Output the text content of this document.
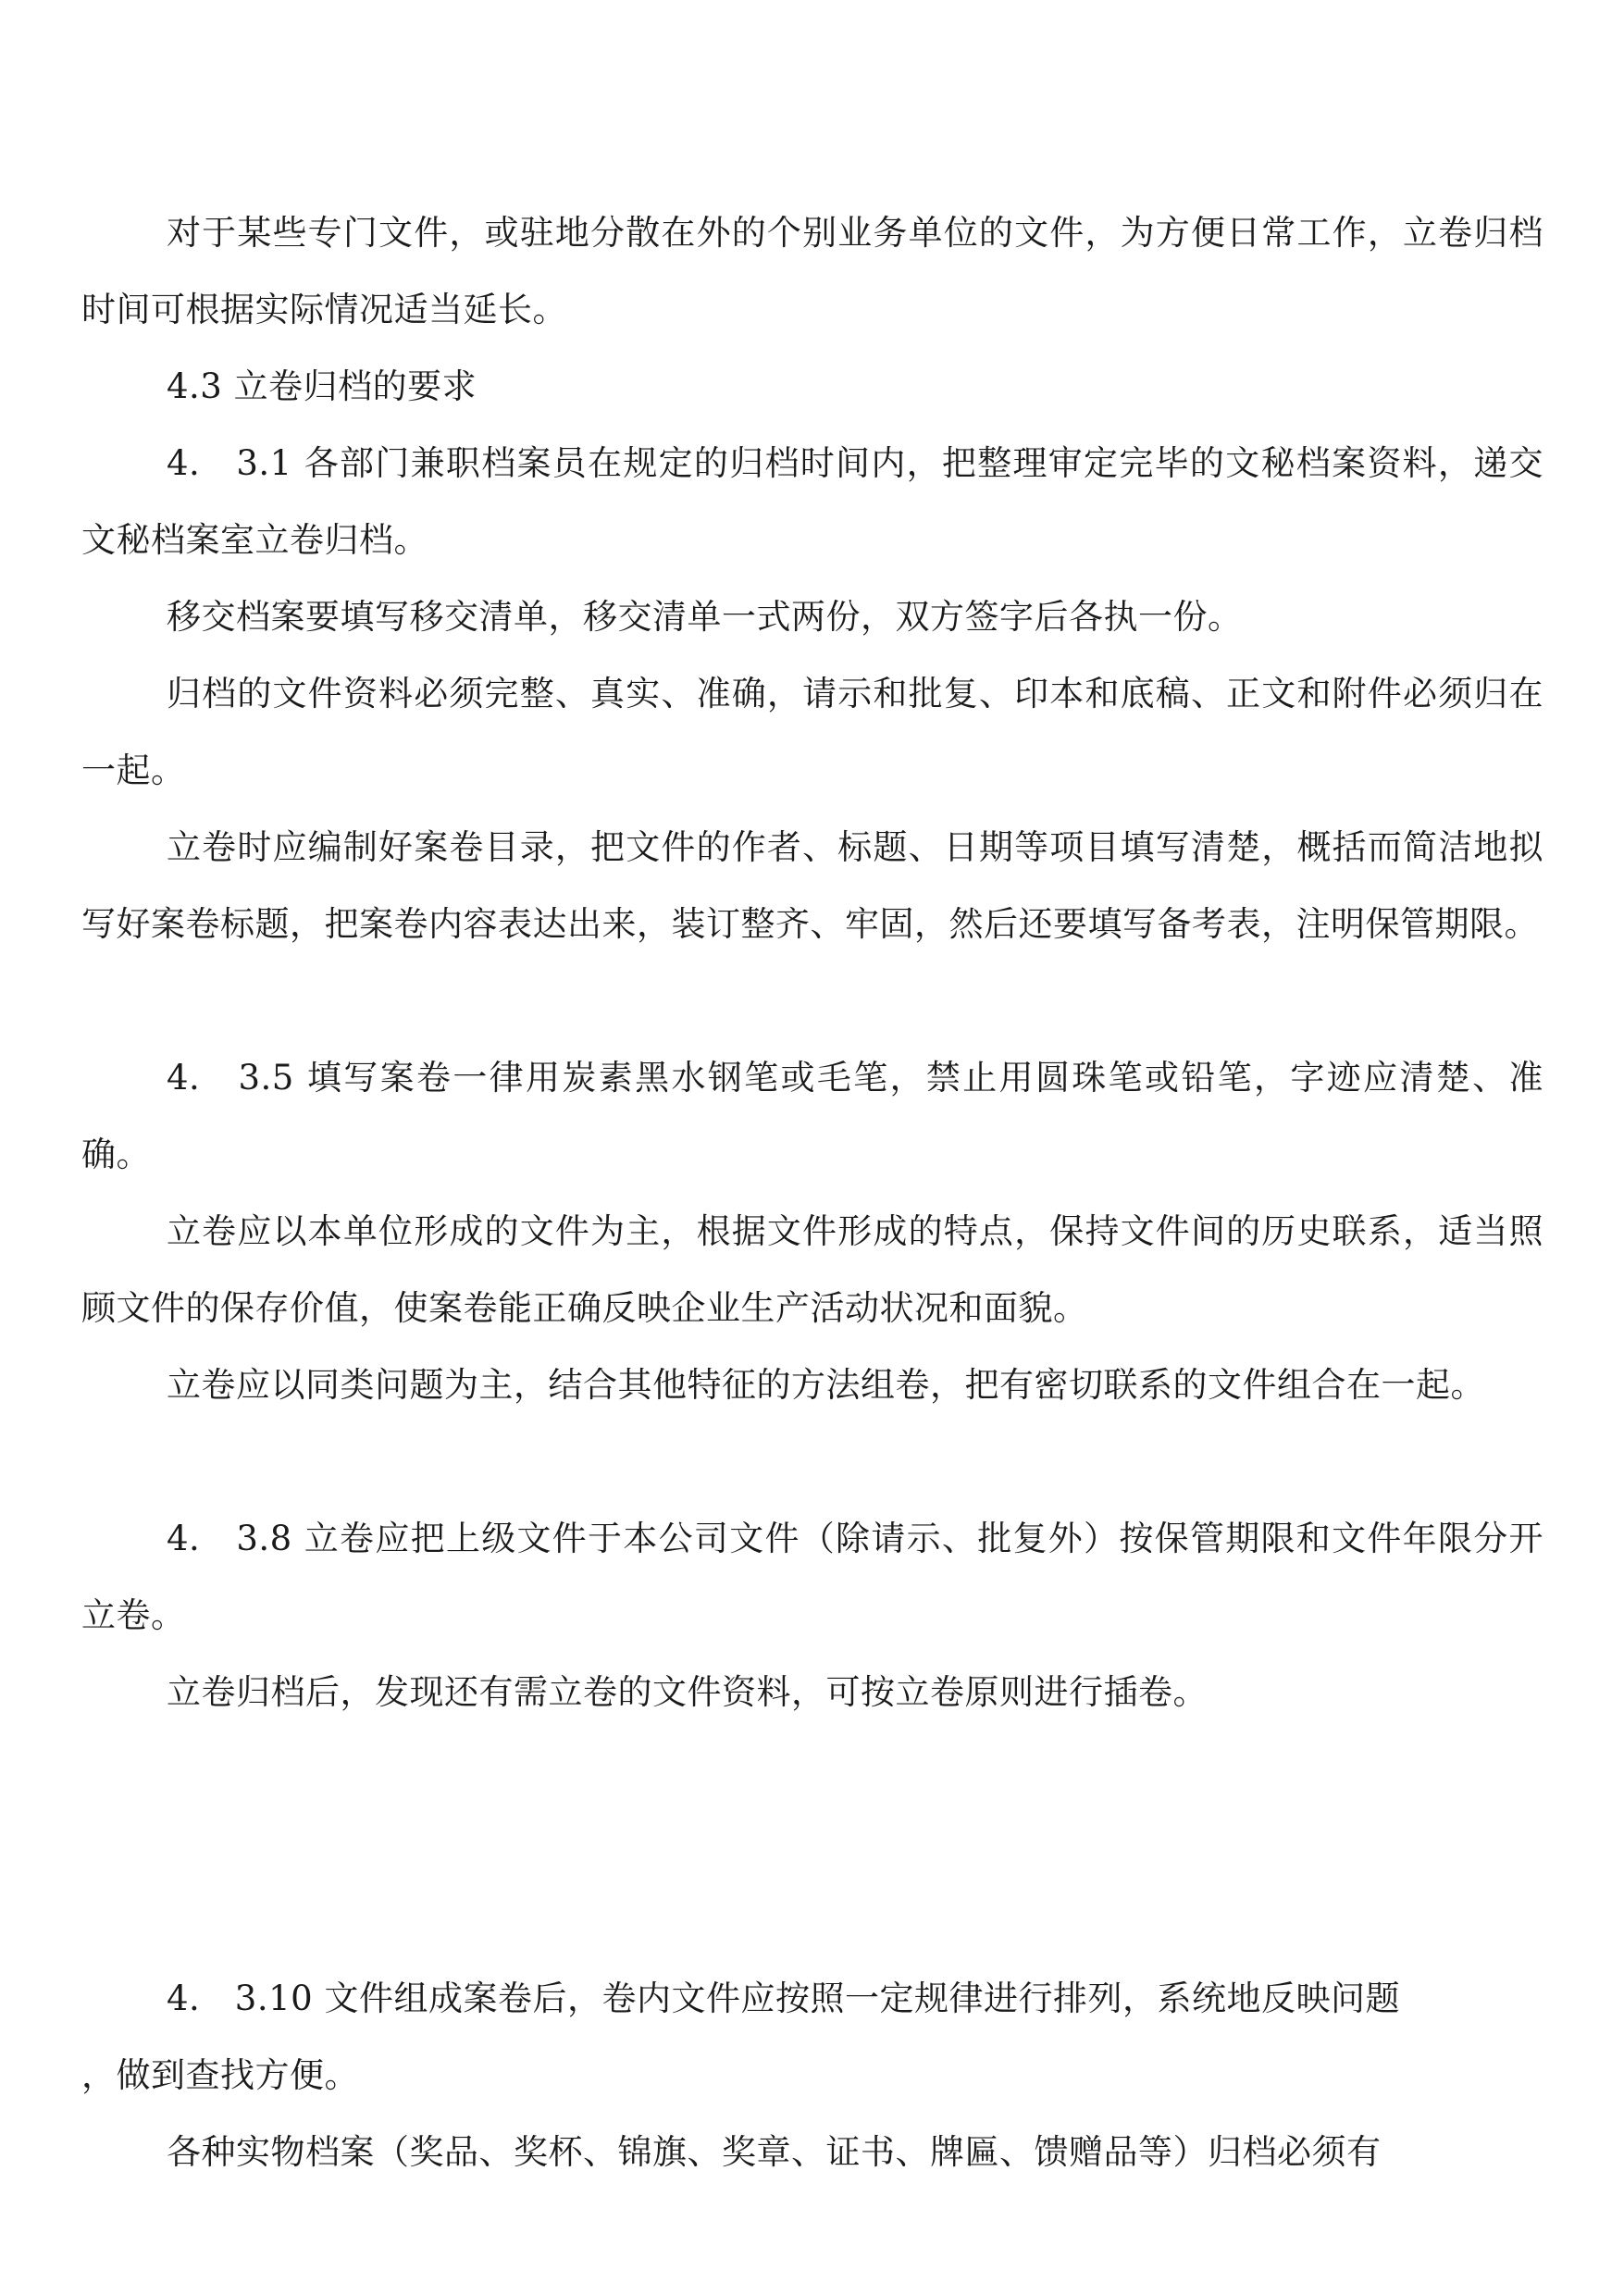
对于某些专门文件，或驻地分散在外的个别业务单位的文件，为方便日常工作，立卷归档时间可根据实际情况适当延长。

4.3 立卷归档的要求

4.　3.1 各部门兼职档案员在规定的归档时间内，把整理审定完毕的文秘档案资料，递交文秘档案室立卷归档。

移交档案要填写移交清单，移交清单一式两份，双方签字后各执一份。

归档的文件资料必须完整、真实、准确，请示和批复、印本和底稿、正文和附件必须归在一起。

立卷时应编制好案卷目录，把文件的作者、标题、日期等项目填写清楚，概括而简洁地拟写好案卷标题，把案卷内容表达出来，装订整齐、牢固，然后还要填写备考表，注明保管期限。

4.　3.5 填写案卷一律用炭素黑水钢笔或毛笔，禁止用圆珠笔或铅笔，字迹应清楚、准确。

立卷应以本单位形成的文件为主，根据文件形成的特点，保持文件间的历史联系，适当照顾文件的保存价值，使案卷能正确反映企业生产活动状况和面貌。

立卷应以同类问题为主，结合其他特征的方法组卷，把有密切联系的文件组合在一起。

4.　3.8 立卷应把上级文件于本公司文件（除请示、批复外）按保管期限和文件年限分开立卷。

立卷归档后，发现还有需立卷的文件资料，可按立卷原则进行插卷。

4.　3.10 文件组成案卷后，卷内文件应按照一定规律进行排列，系统地反映问题

，做到查找方便。

各种实物档案（奖品、奖杯、锦旗、奖章、证书、牌匾、馈赠品等）归档必须有
